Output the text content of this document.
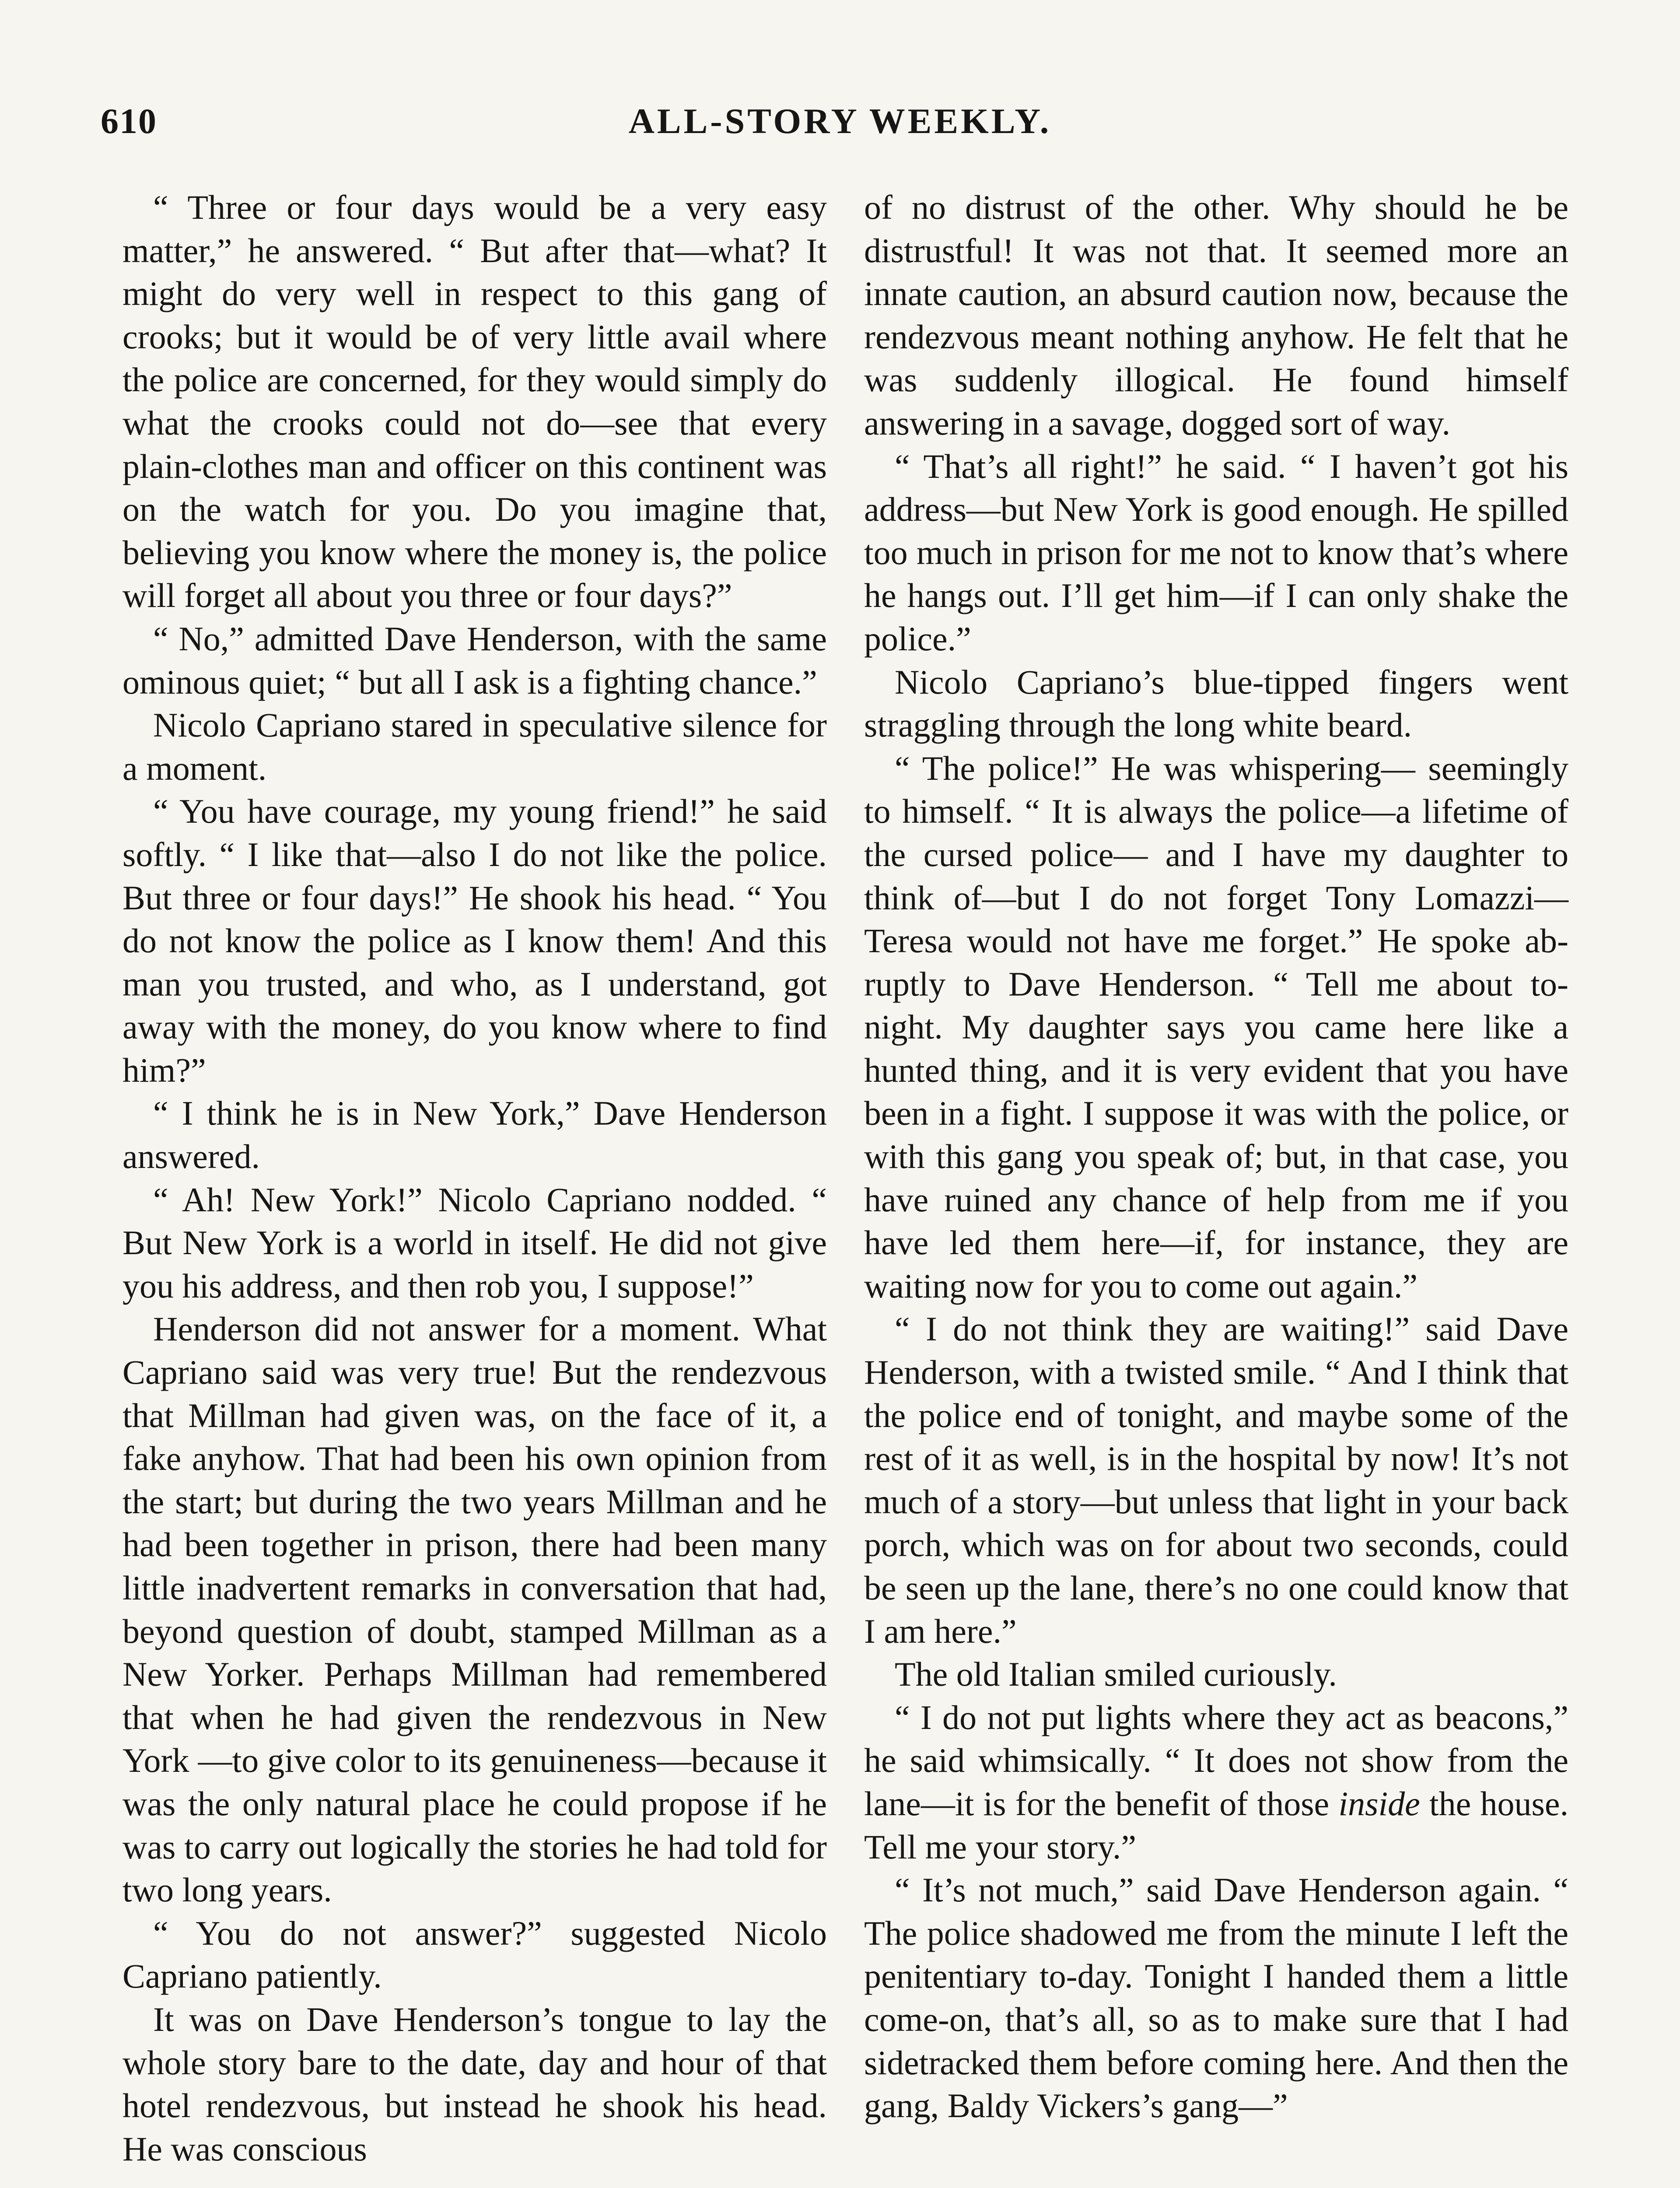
610	ALL-STORY WEEKLY.

“ Three or four days would be a very easy matter,” he answered. “ But after that—what? It might do very well in respect to this gang of crooks; but it would be of very little avail where the police are concerned, for they would simply do what the crooks could not do—see that every plain-clothes man and officer on this continent was on the watch for you. Do you imagine that, believing you know where the money is, the police will forget all about you three or four days?”

“ No,” admitted Dave Henderson, with the same ominous quiet; “ but all I ask is a fighting chance.”

Nicolo Capriano stared in speculative silence for a moment.

“ You have courage, my young friend!” he said softly. “ I like that—also I do not like the police. But three or four days!” He shook his head. “ You do not know the police as I know them! And this man you trusted, and who, as I understand, got away with the money, do you know where to find him?”

“ I think he is in New York,” Dave Henderson answered.

“ Ah! New York!” Nicolo Capriano nodded. “ But New York is a world in itself. He did not give you his address, and then rob you, I suppose!”

Henderson did not answer for a moment. What Capriano said was very true! But the rendezvous that Millman had given was, on the face of it, a fake anyhow. That had been his own opinion from the start; but during the two years Millman and he had been together in prison, there had been many little inadvertent remarks in conversation that had, beyond question of doubt, stamped Millman as a New Yorker. Perhaps Millman had remembered that when he had given the rendezvous in New York —to give color to its genuineness—because it was the only natural place he could propose if he was to carry out logically the stories he had told for two long years.

“ You do not answer?” suggested Nicolo Capriano patiently.

It was on Dave Henderson’s tongue to lay the whole story bare to the date, day and hour of that hotel rendezvous, but instead he shook his head. He was conscious

of no distrust of the other. Why should he be distrustful! It was not that. It seemed more an innate caution, an absurd caution now, because the rendezvous meant nothing anyhow. He felt that he was suddenly illogical. He found himself answering in a savage, dogged sort of way.

“ That’s all right!” he said. “ I haven’t got his address—but New York is good enough. He spilled too much in prison for me not to know that’s where he hangs out. I’ll get him—if I can only shake the police.”

Nicolo Capriano’s blue-tipped fingers went straggling through the long white beard.

“ The police!” He was whispering— seemingly to himself. “ It is always the police—a lifetime of the cursed police— and I have my daughter to think of—but I do not forget Tony Lomazzi—Teresa would not have me forget.” He spoke abruptly to Dave Henderson. “ Tell me about to-night. My daughter says you came here like a hunted thing, and it is very evident that you have been in a fight. I suppose it was with the police, or with this gang you speak of; but, in that case, you have ruined any chance of help from me if you have led them here—if, for instance, they are waiting now for you to come out again.”

“ I do not think they are waiting!” said Dave Henderson, with a twisted smile. “ And I think that the police end of tonight, and maybe some of the rest of it as well, is in the hospital by now! It’s not much of a story—but unless that light in your back porch, which was on for about two seconds, could be seen up the lane, there’s no one could know that I am here.”

The old Italian smiled curiously.

“ I do not put lights where they act as beacons,” he said whimsically. “ It does not show from the lane—it is for the benefit of those inside the house. Tell me your story.”

“ It’s not much,” said Dave Henderson again. “ The police shadowed me from the minute I left the penitentiary to-day. Tonight I handed them a little come-on, that’s all, so as to make sure that I had sidetracked them before coming here. And then the gang, Baldy Vickers’s gang—”
